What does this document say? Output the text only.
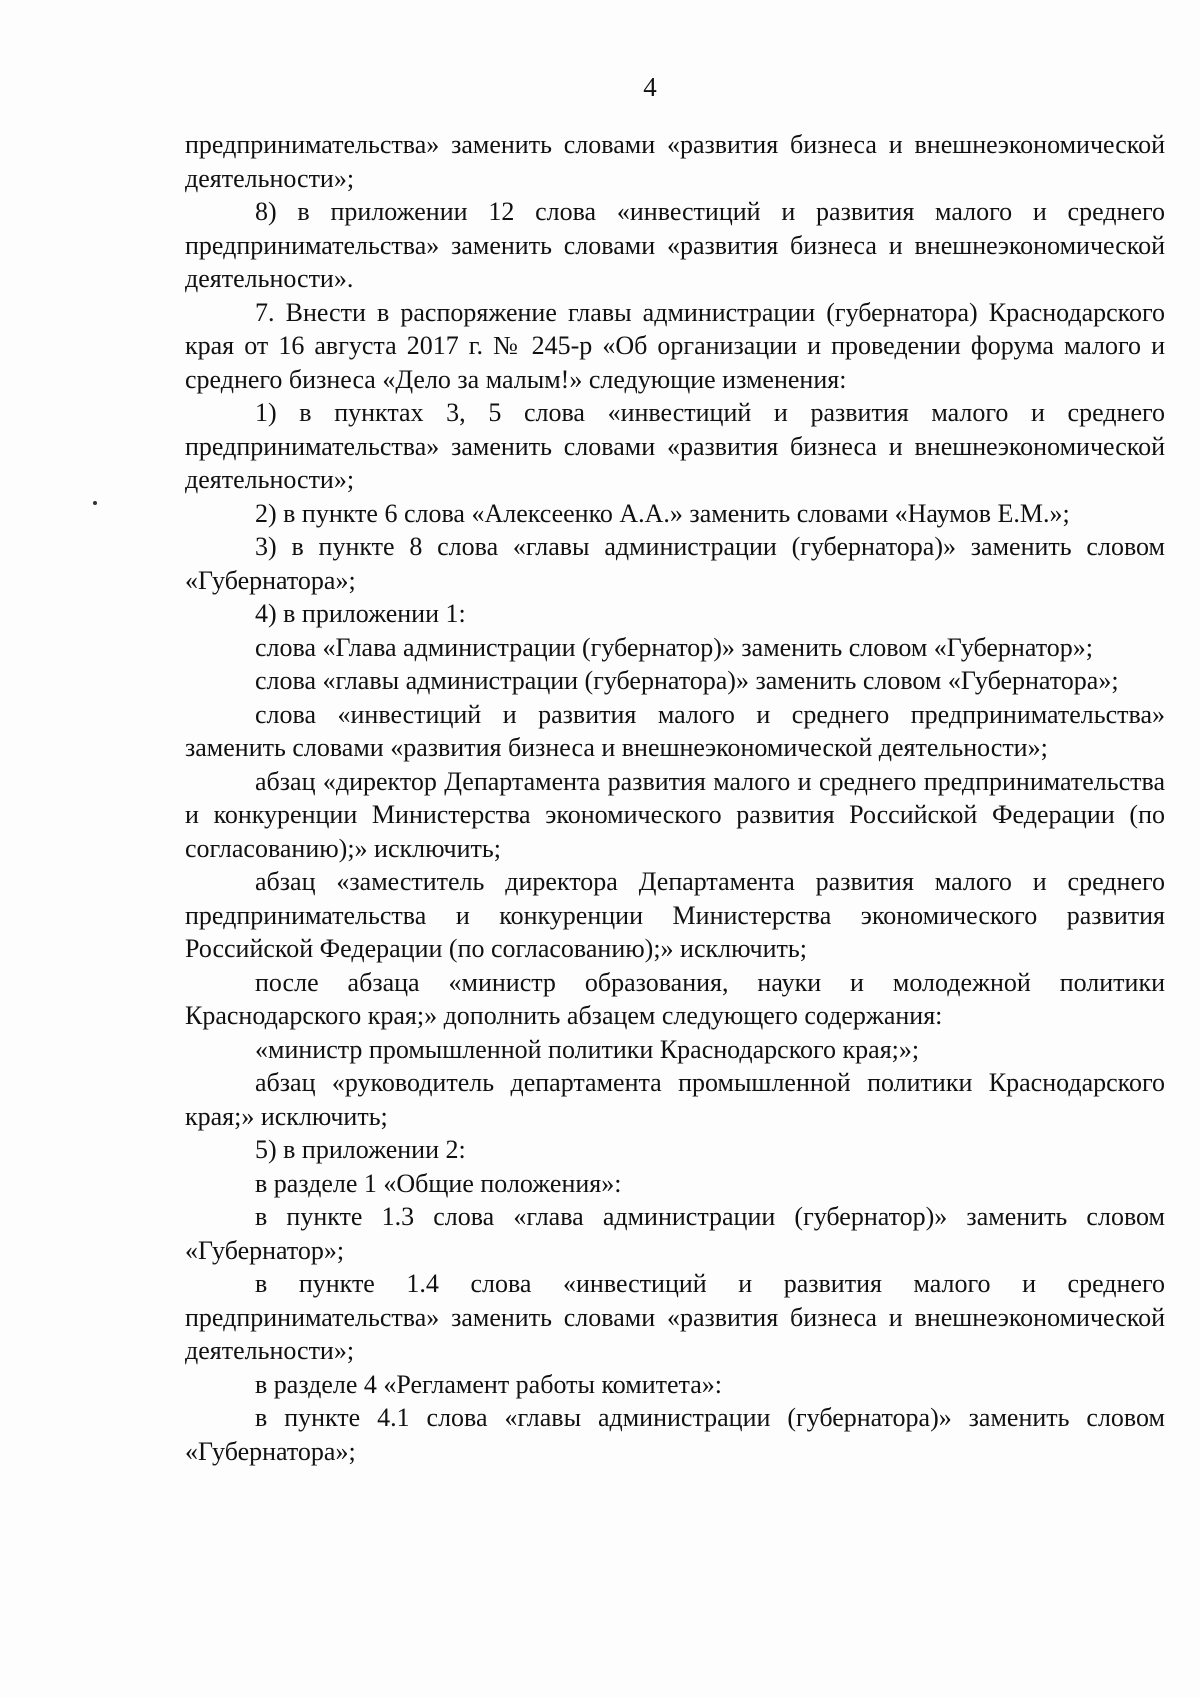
4

предпринимательства» заменить словами «развития бизнеса и внешнеэкономической деятельности»;

8) в приложении 12 слова «инвестиций и развития малого и среднего предпринимательства» заменить словами «развития бизнеса и внешнеэкономической деятельности».

7. Внести в распоряжение главы администрации (губернатора) Краснодарского края от 16 августа 2017 г. № 245-р «Об организации и проведении форума малого и среднего бизнеса «Дело за малым!» следующие изменения:

1) в пунктах 3, 5 слова «инвестиций и развития малого и среднего предпринимательства» заменить словами «развития бизнеса и внешнеэкономической деятельности»;

2) в пункте 6 слова «Алексеенко А.А.» заменить словами «Наумов Е.М.»;

3) в пункте 8 слова «главы администрации (губернатора)» заменить словом «Губернатора»;

4) в приложении 1:

слова «Глава администрации (губернатор)» заменить словом «Губернатор»;

слова «главы администрации (губернатора)» заменить словом «Губернатора»;

слова «инвестиций и развития малого и среднего предпринимательства» заменить словами «развития бизнеса и внешнеэкономической деятельности»;

абзац «директор Департамента развития малого и среднего предпринимательства и конкуренции Министерства экономического развития Российской Федерации (по согласованию);» исключить;

абзац «заместитель директора Департамента развития малого и среднего предпринимательства и конкуренции Министерства экономического развития Российской Федерации (по согласованию);» исключить;

после абзаца «министр образования, науки и молодежной политики Краснодарского края;» дополнить абзацем следующего содержания:

«министр промышленной политики Краснодарского края;»;

абзац «руководитель департамента промышленной политики Краснодарского края;» исключить;

5) в приложении 2:

в разделе 1 «Общие положения»:

в пункте 1.3 слова «глава администрации (губернатор)» заменить словом «Губернатор»;

в пункте 1.4 слова «инвестиций и развития малого и среднего предпринимательства» заменить словами «развития бизнеса и внешнеэкономической деятельности»;

в разделе 4 «Регламент работы комитета»:

в пункте 4.1 слова «главы администрации (губернатора)» заменить словом «Губернатора»;
